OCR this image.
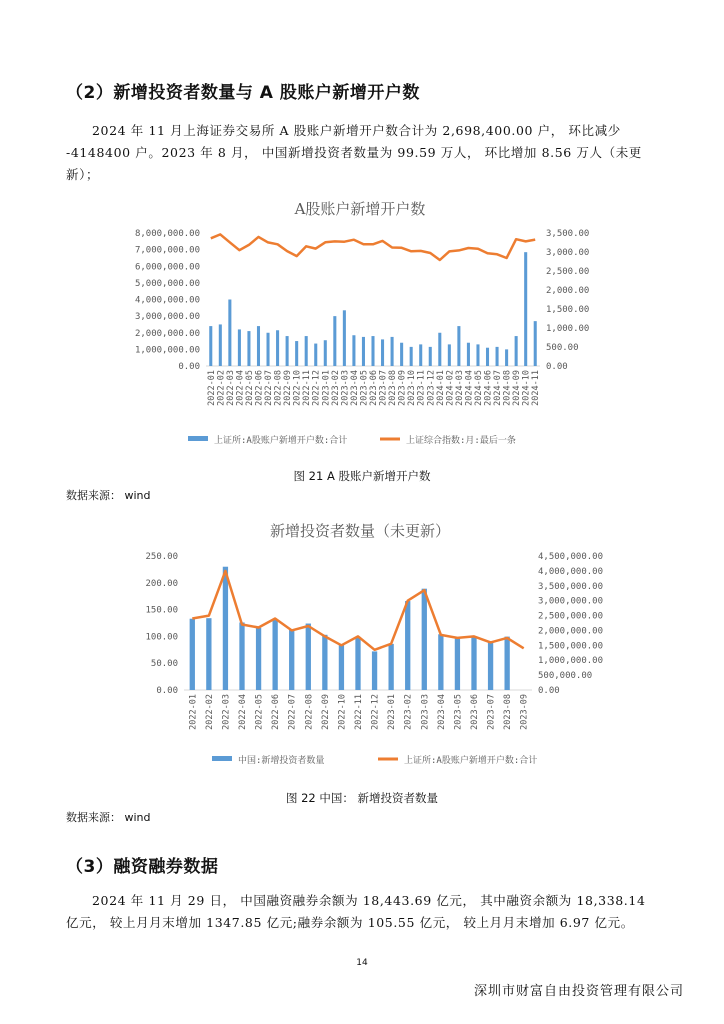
（2）新增投资者数量与 A 股账户新增开户数
2024 年 11 月上海证券交易所 A 股账户新增开户数合计为 2,698,400.00 户， 环比减少
-4148400 户。2023 年 8 月， 中国新增投资者数量为 99.59 万人， 环比增加 8.56 万人（未更
新）；
A股账户新增开户数
8,000,000.00
7,000,000.00
6,000,000.00
5,000,000.00
4,000,000.00
3,000,000.00
2,000,000.00
1,000,000.00
0.00
3,500.00
3,000.00
2,500.00
2,000.00
1,500.00
1,000.00
500.00
0.00
2022-01 2022-02 2022-03 2022-04 2022-05 2022-06 2022-07 2022-08 2022-09 2022-10 2022-11 2022-12 2023-01 2023-02 2023-03 2023-04 2023-05 2023-06 2023-07 2023-08 2023-09 2023-10 2023-11 2023-12 2024-01 2024-02 2024-03 2024-04 2024-05 2024-06 2024-07 2024-08 2024-09 2024-10 2024-11
上证所:A股账户新增开户数:合计	上证综合指数:月:最后一条
图 21 A 股账户新增开户数
数据来源： wind
新增投资者数量（未更新）
250.00
200.00
150.00
100.00
50.00
0.00
4,500,000.00
4,000,000.00
3,500,000.00
3,000,000.00
2,500,000.00
2,000,000.00
1,500,000.00
1,000,000.00
500,000.00
0.00
2022-01 2022-02 2022-03 2022-04 2022-05 2022-06 2022-07 2022-08 2022-09 2022-10 2022-11 2022-12 2023-01 2023-02 2023-03 2023-04 2023-05 2023-06 2023-07 2023-08 2023-09
中国:新增投资者数量	上证所:A股账户新增开户数:合计
图 22 中国： 新增投资者数量
数据来源： wind
（3）融资融券数据
2024 年 11 月 29 日， 中国融资融券余额为 18,443.69 亿元， 其中融资余额为 18,338.14
亿元， 较上月月末增加 1347.85 亿元;融券余额为 105.55 亿元， 较上月月末增加 6.97 亿元。
14
深圳市财富自由投资管理有限公司
